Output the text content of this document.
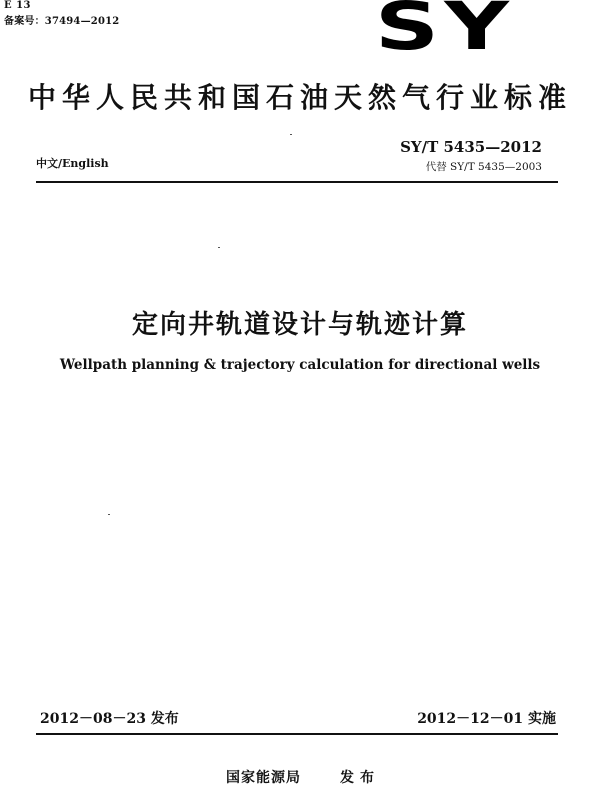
E 13
备案号：37494—2012	SY
中华人民共和国石油天然气行业标准
SY/T 5435—2012
代替 SY/T 5435—2003
中文/English
定向井轨道设计与轨迹计算
Wellpath planning & trajectory calculation for directional wells
2012－08－23 发布	2012－12－01 实施
国家能源局	发布
